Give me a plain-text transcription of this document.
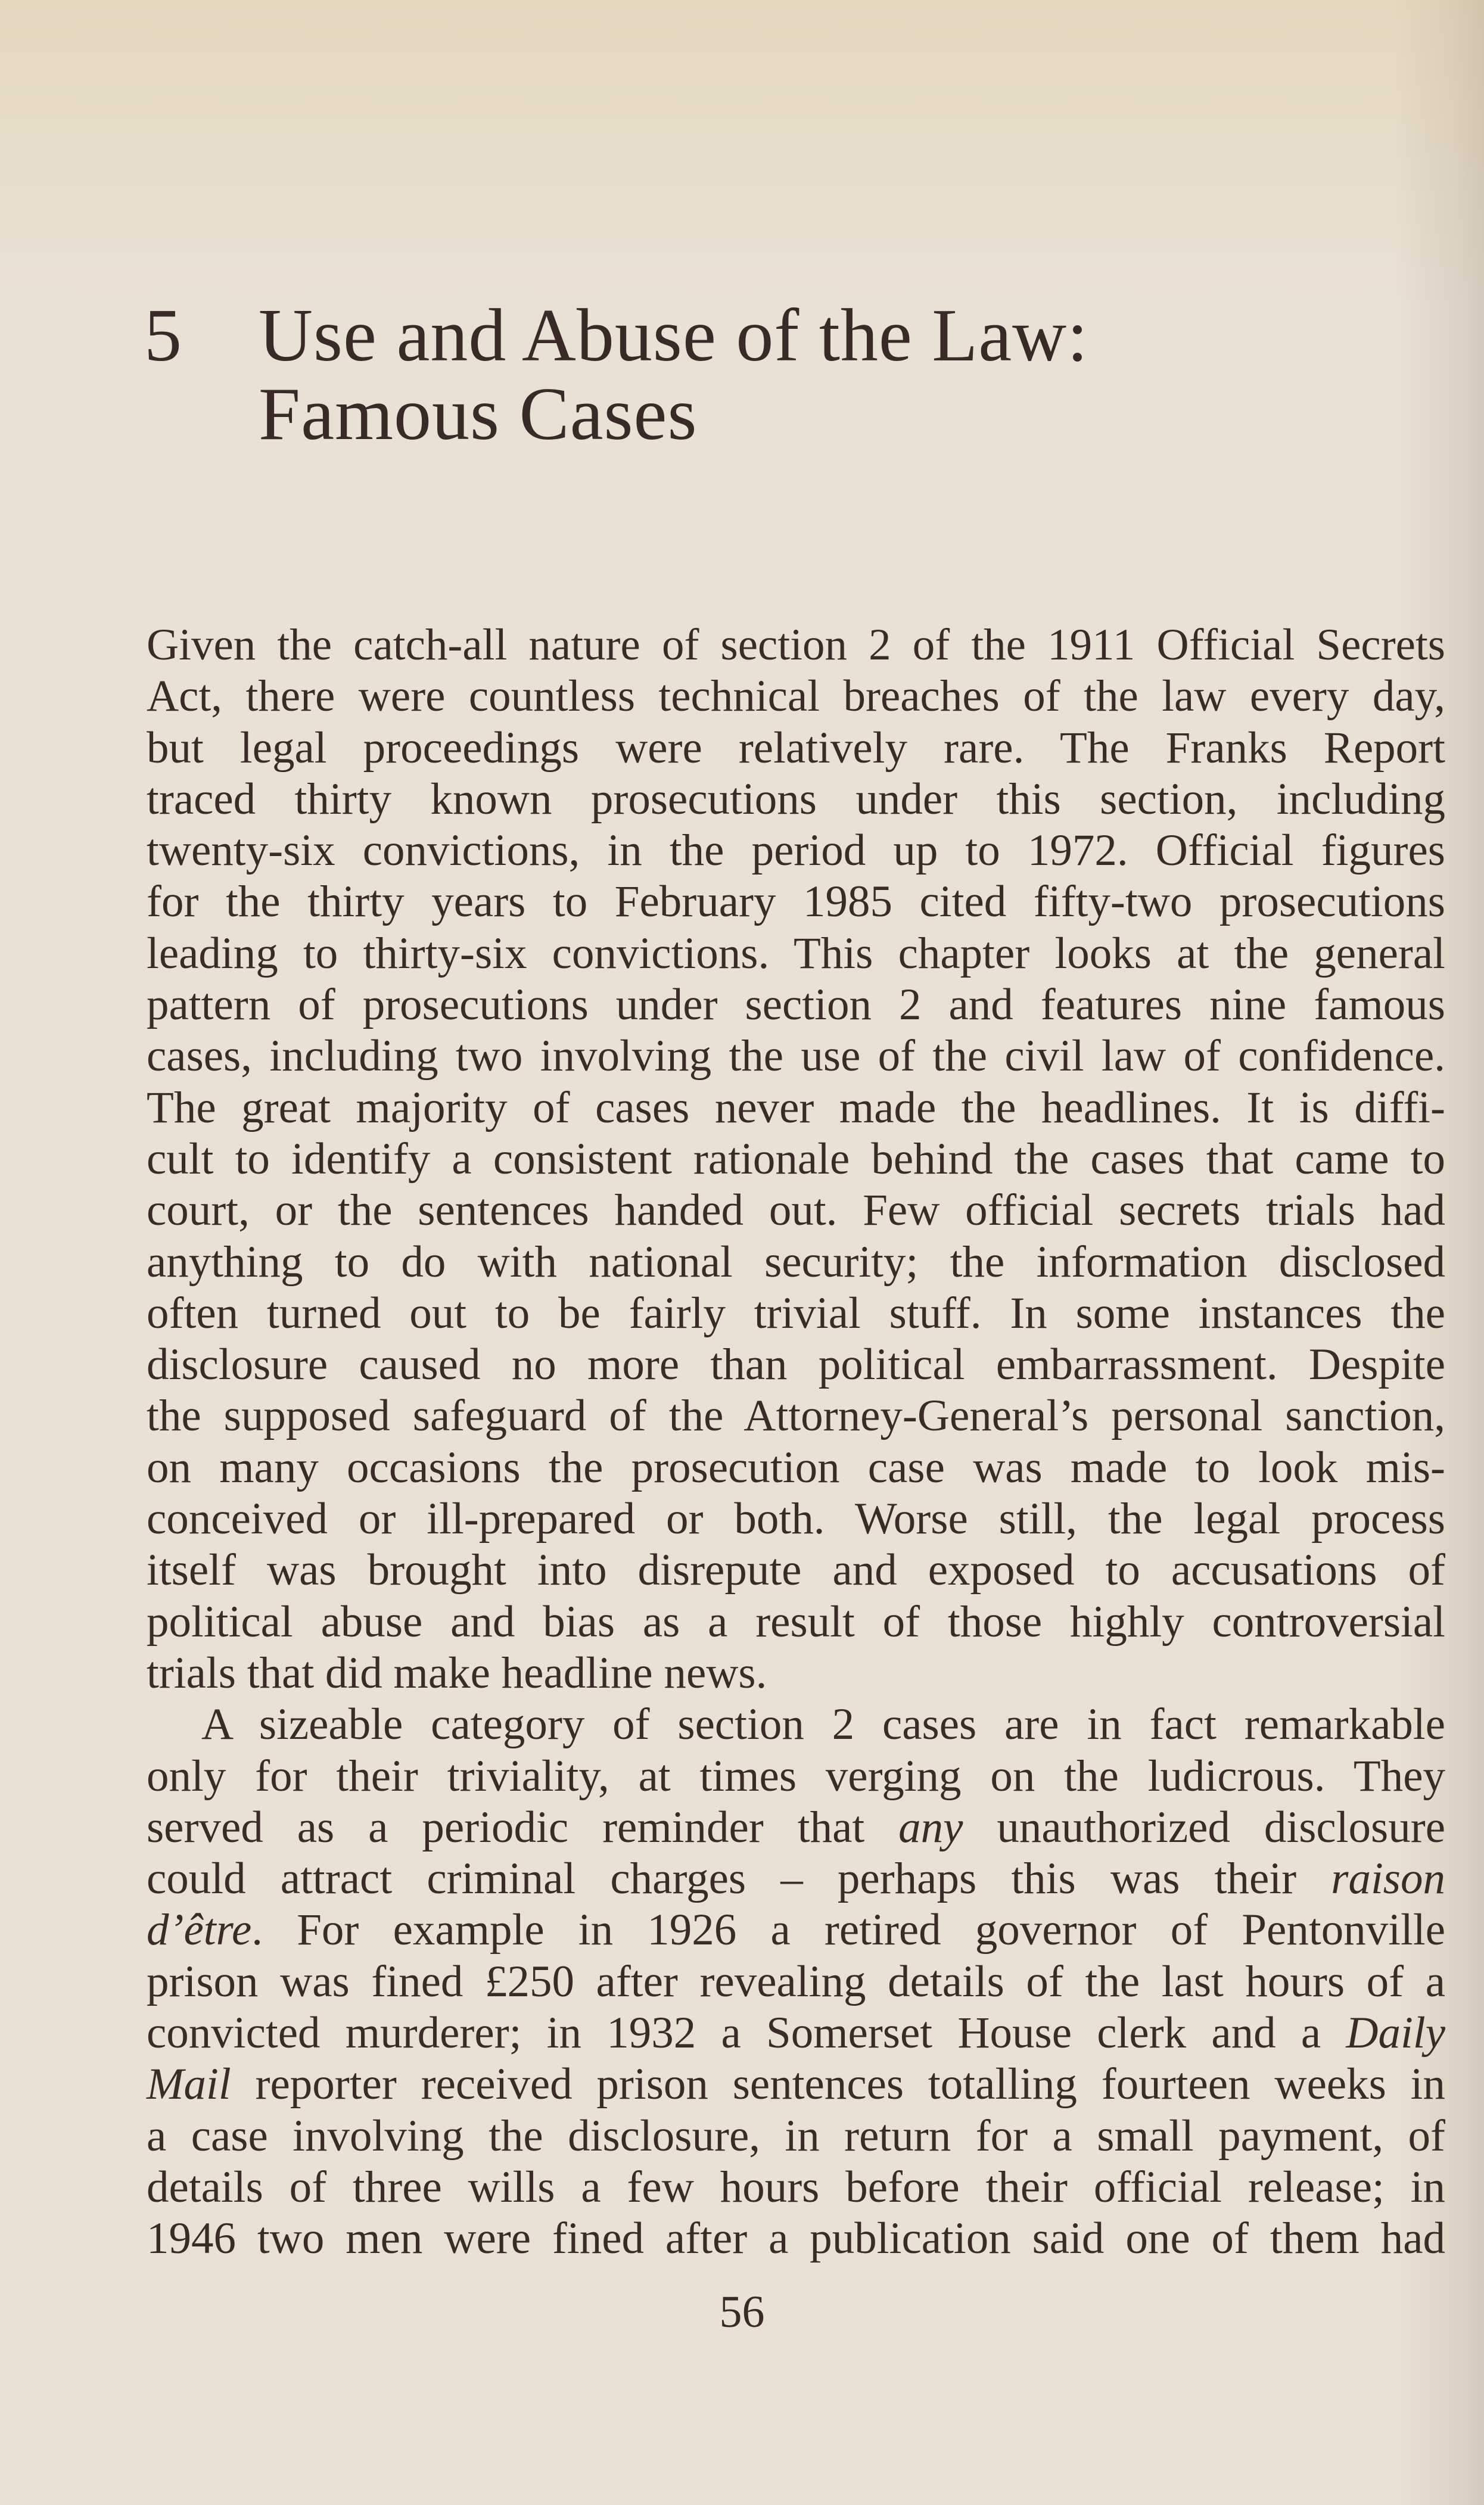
5 Use and Abuse of the Law:
Famous Cases
Given the catch-all nature of section 2 of the 1911 Official Secrets
Act, there were countless technical breaches of the law every day,
but legal proceedings were relatively rare. The Franks Report
traced thirty known prosecutions under this section, including
twenty-six convictions, in the period up to 1972. Official figures
for the thirty years to February 1985 cited fifty-two prosecutions
leading to thirty-six convictions. This chapter looks at the general
pattern of prosecutions under section 2 and features nine famous
cases, including two involving the use of the civil law of confidence.
The great majority of cases never made the headlines. It is diffi-
cult to identify a consistent rationale behind the cases that came to
court, or the sentences handed out. Few official secrets trials had
anything to do with national security; the information disclosed
often turned out to be fairly trivial stuff. In some instances the
disclosure caused no more than political embarrassment. Despite
the supposed safeguard of the Attorney-General’s personal sanction,
on many occasions the prosecution case was made to look mis-
conceived or ill-prepared or both. Worse still, the legal process
itself was brought into disrepute and exposed to accusations of
political abuse and bias as a result of those highly controversial
trials that did make headline news.
A sizeable category of section 2 cases are in fact remarkable
only for their triviality, at times verging on the ludicrous. They
served as a periodic reminder that any unauthorized disclosure
could attract criminal charges – perhaps this was their raison
d’être. For example in 1926 a retired governor of Pentonville
prison was fined £250 after revealing details of the last hours of a
convicted murderer; in 1932 a Somerset House clerk and a Daily
Mail reporter received prison sentences totalling fourteen weeks in
a case involving the disclosure, in return for a small payment, of
details of three wills a few hours before their official release; in
1946 two men were fined after a publication said one of them had
56
